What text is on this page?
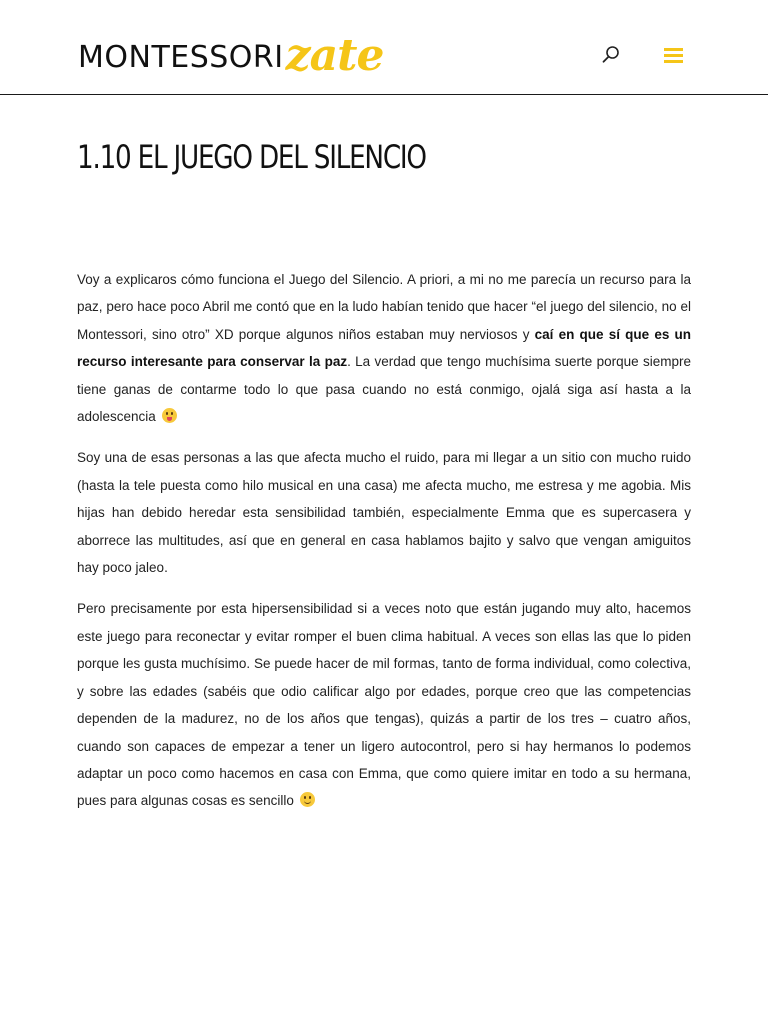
MONTESSORI zate
1.10 EL JUEGO DEL SILENCIO

Voy a explicaros cómo funciona el Juego del Silencio. A priori, a mi no me parecía un recurso para la paz, pero hace poco Abril me contó que en la ludo habían tenido que hacer “el juego del silencio, no el Montessori, sino otro” XD porque algunos niños estaban muy nerviosos y caí en que sí que es un recurso interesante para conservar la paz. La verdad que tengo muchísima suerte porque siempre tiene ganas de contarme todo lo que pasa cuando no está conmigo, ojalá siga así hasta a la adolescencia

Soy una de esas personas a las que afecta mucho el ruido, para mi llegar a un sitio con mucho ruido (hasta la tele puesta como hilo musical en una casa) me afecta mucho, me estresa y me agobia. Mis hijas han debido heredar esta sensibilidad también, especialmente Emma que es supercasera y aborrece las multitudes, así que en general en casa hablamos bajito y salvo que vengan amiguitos hay poco jaleo.

Pero precisamente por esta hipersensibilidad si a veces noto que están jugando muy alto, hacemos este juego para reconectar y evitar romper el buen clima habitual. A veces son ellas las que lo piden porque les gusta muchísimo. Se puede hacer de mil formas, tanto de forma individual, como colectiva, y sobre las edades (sabéis que odio calificar algo por edades, porque creo que las competencias dependen de la madurez, no de los años que tengas), quizás a partir de los tres – cuatro años, cuando son capaces de empezar a tener un ligero autocontrol, pero si hay hermanos lo podemos adaptar un poco como hacemos en casa con Emma, que como quiere imitar en todo a su hermana, pues para algunas cosas es sencillo
